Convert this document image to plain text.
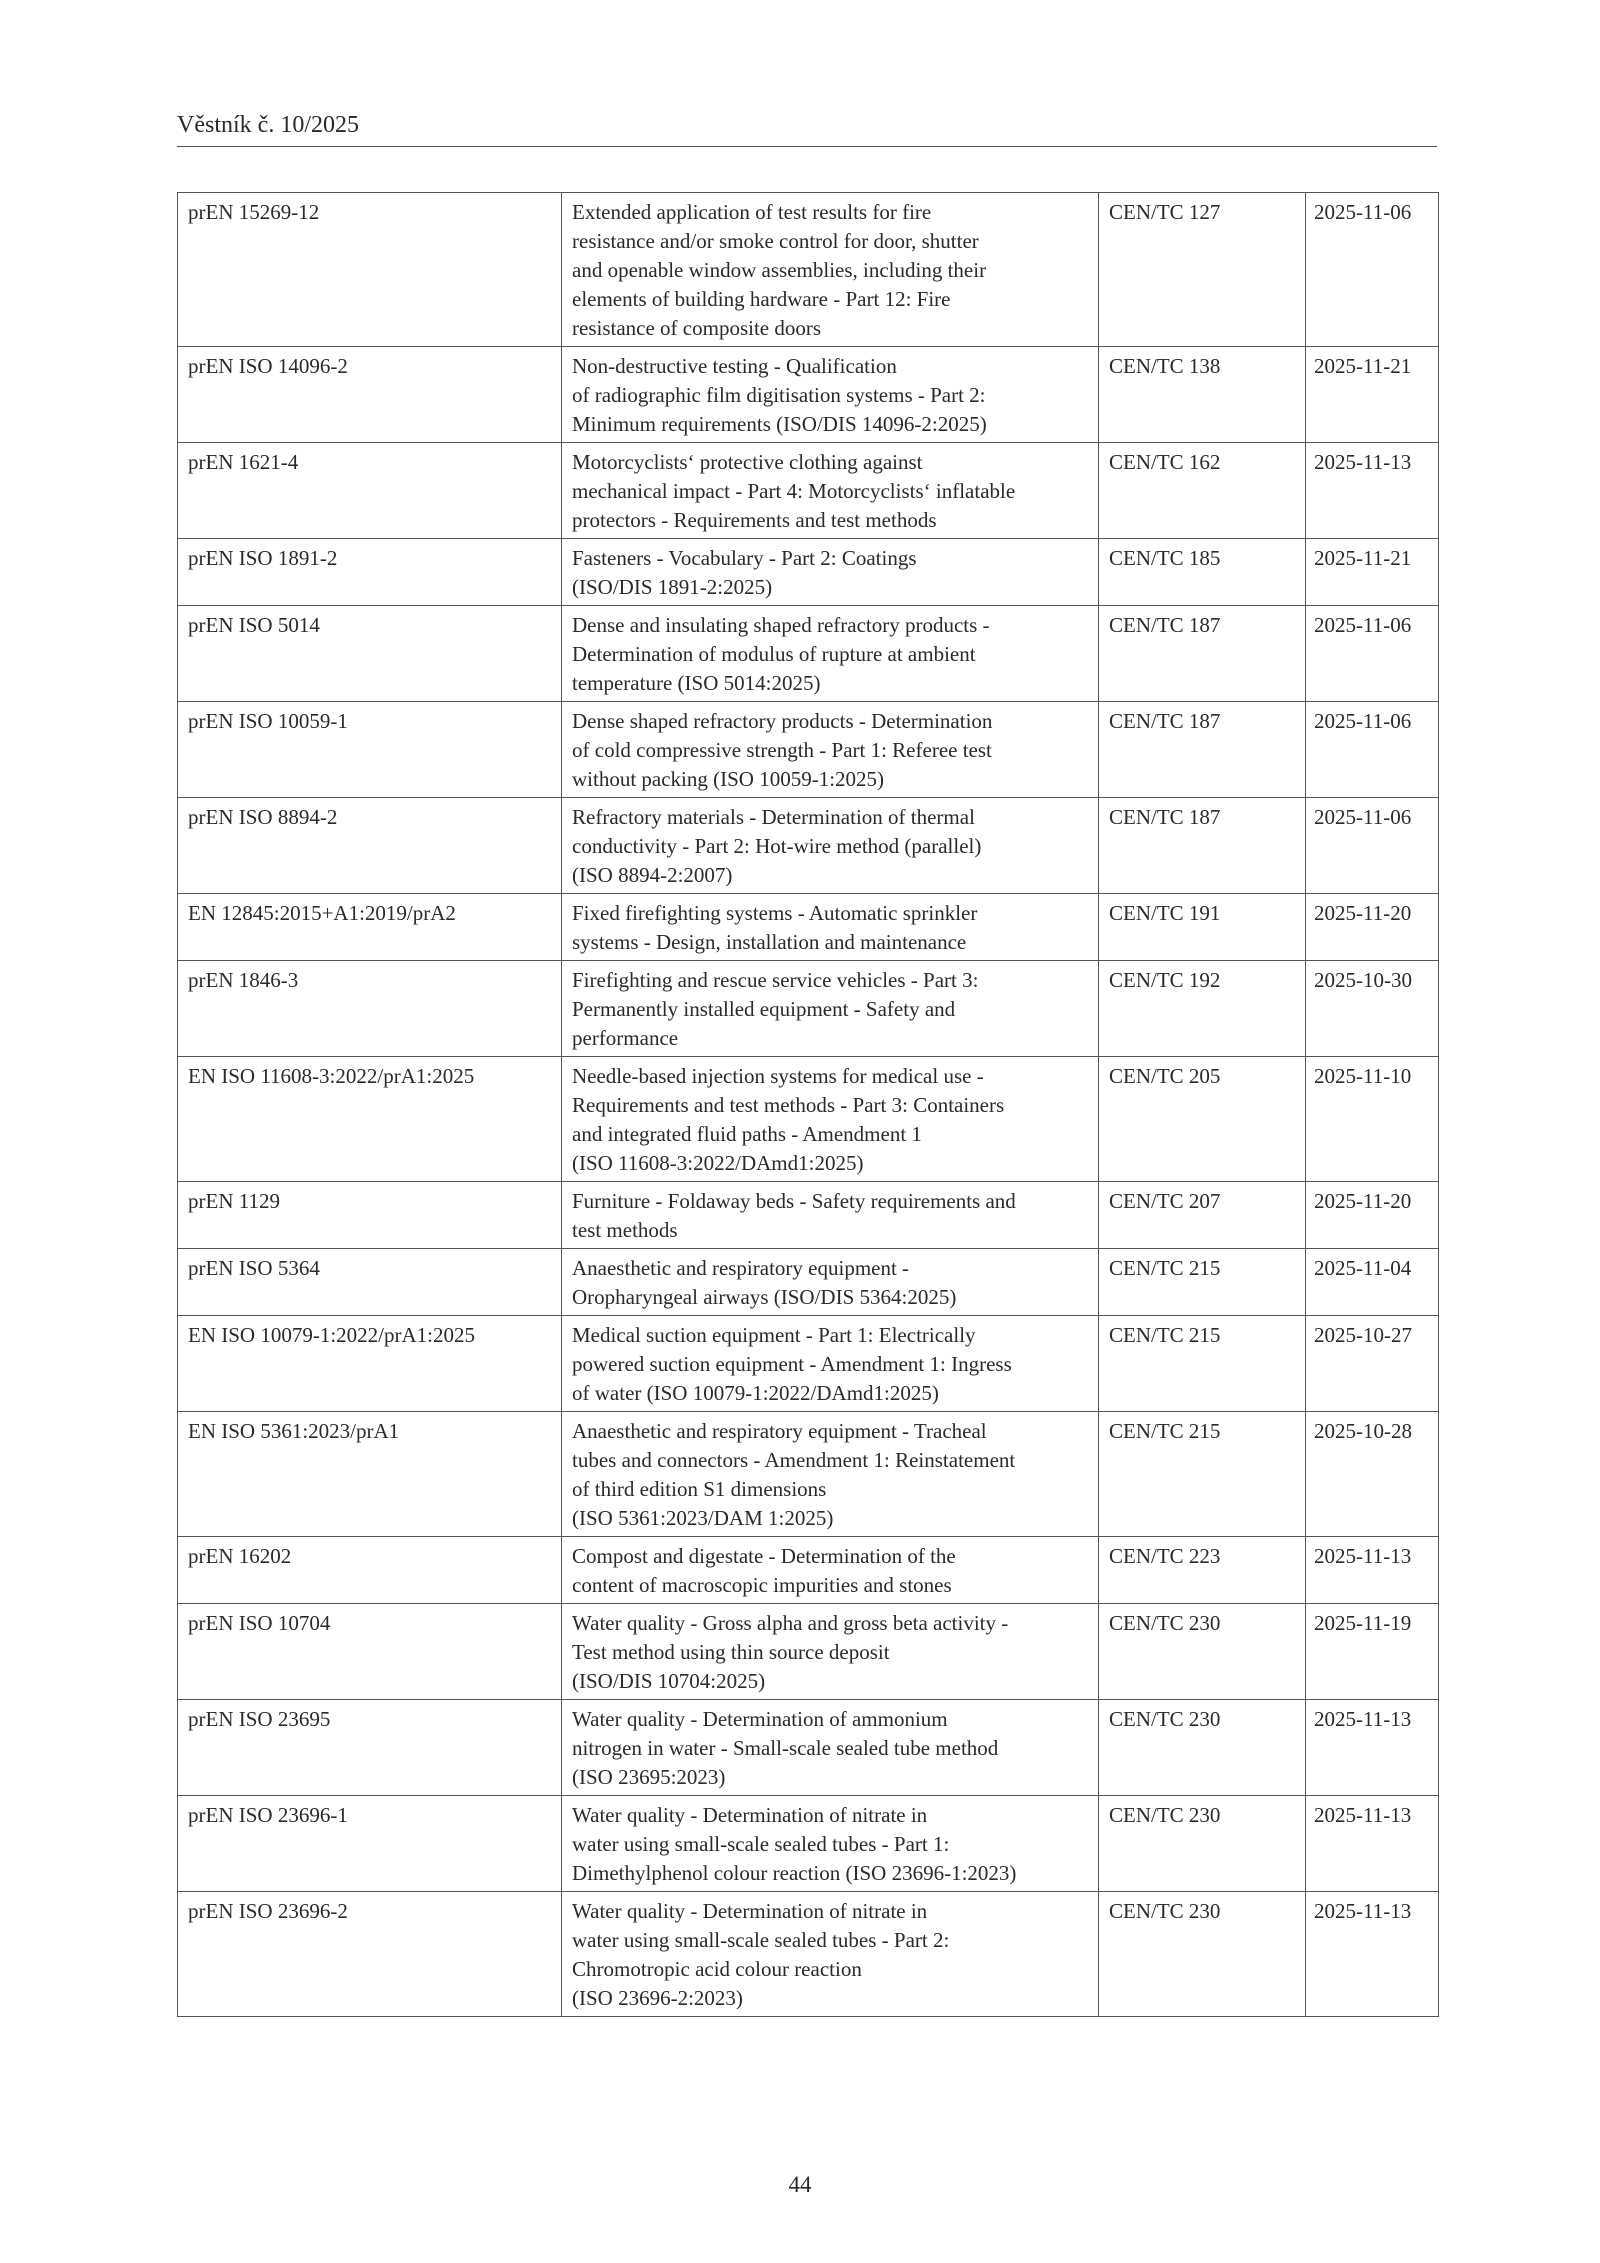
Věstník č. 10/2025
prEN 15269-12	Extended application of test results for fire
resistance and/or smoke control for door, shutter
and openable window assemblies, including their
elements of building hardware - Part 12: Fire
resistance of composite doors	CEN/TC 127	2025-11-06
prEN ISO 14096-2	Non-destructive testing - Qualification
of radiographic film digitisation systems - Part 2:
Minimum requirements (ISO/DIS 14096-2:2025)	CEN/TC 138	2025-11-21
prEN 1621-4	Motorcyclists‘ protective clothing against
mechanical impact - Part 4: Motorcyclists‘ inflatable
protectors - Requirements and test methods	CEN/TC 162	2025-11-13
prEN ISO 1891-2	Fasteners - Vocabulary - Part 2: Coatings
(ISO/DIS 1891-2:2025)	CEN/TC 185	2025-11-21
prEN ISO 5014	Dense and insulating shaped refractory products -
Determination of modulus of rupture at ambient
temperature (ISO 5014:2025)	CEN/TC 187	2025-11-06
prEN ISO 10059-1	Dense shaped refractory products - Determination
of cold compressive strength - Part 1: Referee test
without packing (ISO 10059-1:2025)	CEN/TC 187	2025-11-06
prEN ISO 8894-2	Refractory materials - Determination of thermal
conductivity - Part 2: Hot-wire method (parallel)
(ISO 8894-2:2007)	CEN/TC 187	2025-11-06
EN 12845:2015+A1:2019/prA2	Fixed firefighting systems - Automatic sprinkler
systems - Design, installation and maintenance	CEN/TC 191	2025-11-20
prEN 1846-3	Firefighting and rescue service vehicles - Part 3:
Permanently installed equipment - Safety and
performance	CEN/TC 192	2025-10-30
EN ISO 11608-3:2022/prA1:2025	Needle-based injection systems for medical use -
Requirements and test methods - Part 3: Containers
and integrated fluid paths - Amendment 1
(ISO 11608-3:2022/DAmd1:2025)	CEN/TC 205	2025-11-10
prEN 1129	Furniture - Foldaway beds - Safety requirements and
test methods	CEN/TC 207	2025-11-20
prEN ISO 5364	Anaesthetic and respiratory equipment -
Oropharyngeal airways (ISO/DIS 5364:2025)	CEN/TC 215	2025-11-04
EN ISO 10079-1:2022/prA1:2025	Medical suction equipment - Part 1: Electrically
powered suction equipment - Amendment 1: Ingress
of water (ISO 10079-1:2022/DAmd1:2025)	CEN/TC 215	2025-10-27
EN ISO 5361:2023/prA1	Anaesthetic and respiratory equipment - Tracheal
tubes and connectors - Amendment 1: Reinstatement
of third edition S1 dimensions
(ISO 5361:2023/DAM 1:2025)	CEN/TC 215	2025-10-28
prEN 16202	Compost and digestate - Determination of the
content of macroscopic impurities and stones	CEN/TC 223	2025-11-13
prEN ISO 10704	Water quality - Gross alpha and gross beta activity -
Test method using thin source deposit
(ISO/DIS 10704:2025)	CEN/TC 230	2025-11-19
prEN ISO 23695	Water quality - Determination of ammonium
nitrogen in water - Small-scale sealed tube method
(ISO 23695:2023)	CEN/TC 230	2025-11-13
prEN ISO 23696-1	Water quality - Determination of nitrate in
water using small-scale sealed tubes - Part 1:
Dimethylphenol colour reaction (ISO 23696-1:2023)	CEN/TC 230	2025-11-13
prEN ISO 23696-2	Water quality - Determination of nitrate in
water using small-scale sealed tubes - Part 2:
Chromotropic acid colour reaction
(ISO 23696-2:2023)	CEN/TC 230	2025-11-13
44
